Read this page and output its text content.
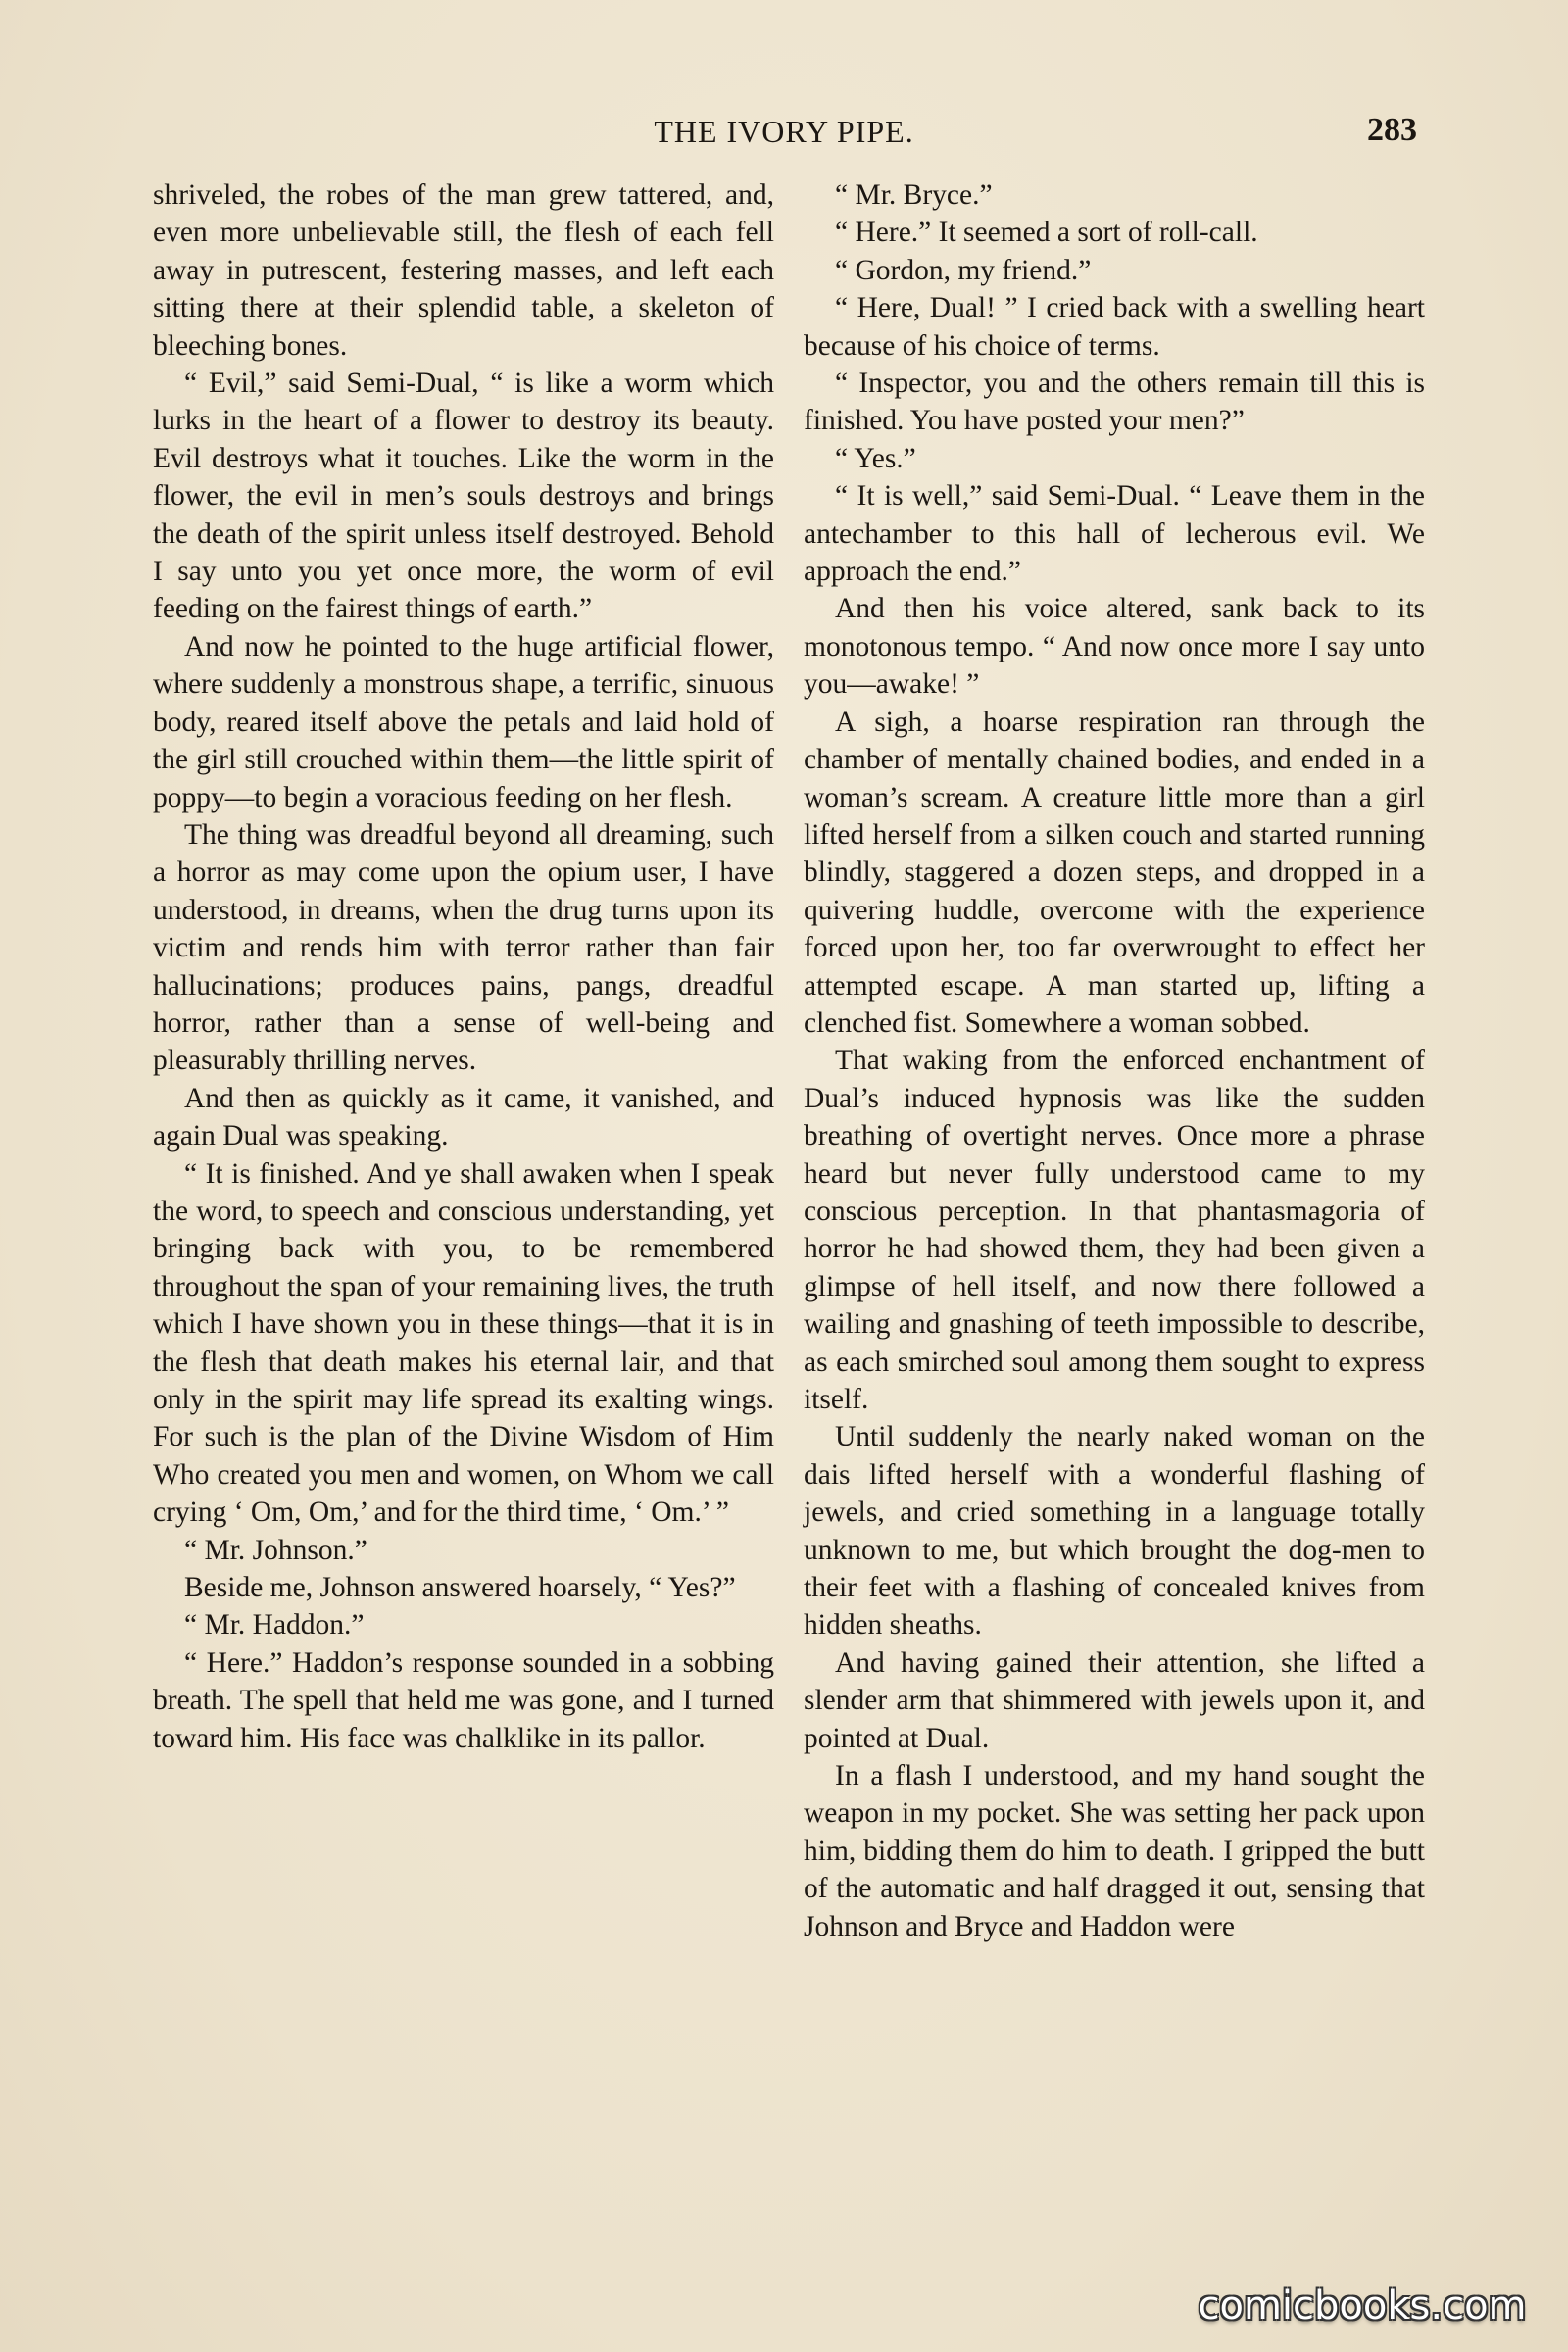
THE IVORY PIPE.	283

shriveled, the robes of the man grew tattered, and, even more unbelievable still, the flesh of each fell away in putrescent, festering masses, and left each sitting there at their splendid table, a skeleton of bleeching bones.

“ Evil,” said Semi-Dual, “ is like a worm which lurks in the heart of a flower to destroy its beauty. Evil destroys what it touches. Like the worm in the flower, the evil in men’s souls destroys and brings the death of the spirit unless itself destroyed. Behold I say unto you yet once more, the worm of evil feeding on the fairest things of earth.”

And now he pointed to the huge artificial flower, where suddenly a monstrous shape, a terrific, sinuous body, reared itself above the petals and laid hold of the girl still crouched within them—the little spirit of poppy—to begin a voracious feeding on her flesh.

The thing was dreadful beyond all dreaming, such a horror as may come upon the opium user, I have understood, in dreams, when the drug turns upon its victim and rends him with terror rather than fair hallucinations; produces pains, pangs, dreadful horror, rather than a sense of well-being and pleasurably thrilling nerves.

And then as quickly as it came, it vanished, and again Dual was speaking.

“ It is finished. And ye shall awaken when I speak the word, to speech and conscious understanding, yet bringing back with you, to be remembered throughout the span of your remaining lives, the truth which I have shown you in these things—that it is in the flesh that death makes his eternal lair, and that only in the spirit may life spread its exalting wings. For such is the plan of the Divine Wisdom of Him Who created you men and women, on Whom we call crying ‘ Om, Om,’ and for the third time, ‘ Om.’ ”

“ Mr. Johnson.”

Beside me, Johnson answered hoarsely, “ Yes?”

“ Mr. Haddon.”

“ Here.” Haddon’s response sounded in a sobbing breath. The spell that held me was gone, and I turned toward him. His face was chalklike in its pallor.

“ Mr. Bryce.”

“ Here.” It seemed a sort of roll-call.

“ Gordon, my friend.”

“ Here, Dual! ” I cried back with a swelling heart because of his choice of terms.

“ Inspector, you and the others remain till this is finished. You have posted your men?”

“ Yes.”

“ It is well,” said Semi-Dual. “ Leave them in the antechamber to this hall of lecherous evil. We approach the end.”

And then his voice altered, sank back to its monotonous tempo. “ And now once more I say unto you—awake! ”

A sigh, a hoarse respiration ran through the chamber of mentally chained bodies, and ended in a woman’s scream. A creature little more than a girl lifted herself from a silken couch and started running blindly, staggered a dozen steps, and dropped in a quivering huddle, overcome with the experience forced upon her, too far overwrought to effect her attempted escape. A man started up, lifting a clenched fist. Somewhere a woman sobbed.

That waking from the enforced enchantment of Dual’s induced hypnosis was like the sudden breathing of overtight nerves. Once more a phrase heard but never fully understood came to my conscious perception. In that phantasmagoria of horror he had showed them, they had been given a glimpse of hell itself, and now there followed a wailing and gnashing of teeth impossible to describe, as each smirched soul among them sought to express itself.

Until suddenly the nearly naked woman on the dais lifted herself with a wonderful flashing of jewels, and cried something in a language totally unknown to me, but which brought the dog-men to their feet with a flashing of concealed knives from hidden sheaths.

And having gained their attention, she lifted a slender arm that shimmered with jewels upon it, and pointed at Dual.

In a flash I understood, and my hand sought the weapon in my pocket. She was setting her pack upon him, bidding them do him to death. I gripped the butt of the automatic and half dragged it out, sensing that Johnson and Bryce and Haddon were

comicbooks.com
